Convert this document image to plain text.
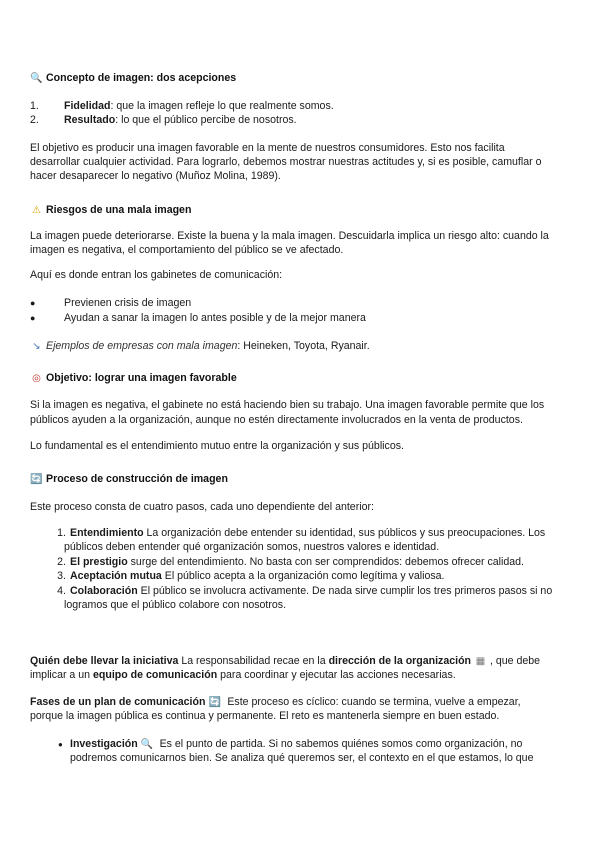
🔍 Concepto de imagen: dos acepciones
1. Fidelidad: que la imagen refleje lo que realmente somos.
2. Resultado: lo que el público percibe de nosotros.
El objetivo es producir una imagen favorable en la mente de nuestros consumidores. Esto nos facilita
desarrollar cualquier actividad. Para lograrlo, debemos mostrar nuestras actitudes y, si es posible, camuflar o
hacer desaparecer lo negativo (Muñoz Molina, 1989).
⚠ Riesgos de una mala imagen
La imagen puede deteriorarse. Existe la buena y la mala imagen. Descuidarla implica un riesgo alto: cuando la
imagen es negativa, el comportamiento del público se ve afectado.
Aquí es donde entran los gabinetes de comunicación:
●	Previenen crisis de imagen
●	Ayudan a sanar la imagen lo antes posible y de la mejor manera
↘ Ejemplos de empresas con mala imagen: Heineken, Toyota, Ryanair.
◎ Objetivo: lograr una imagen favorable
Si la imagen es negativa, el gabinete no está haciendo bien su trabajo. Una imagen favorable permite que los
públicos ayuden a la organización, aunque no estén directamente involucrados en la venta de productos.
Lo fundamental es el entendimiento mutuo entre la organización y sus públicos.
🔄 Proceso de construcción de imagen
Este proceso consta de cuatro pasos, cada uno dependiente del anterior:
1. Entendimiento La organización debe entender su identidad, sus públicos y sus preocupaciones. Los
públicos deben entender qué organización somos, nuestros valores e identidad.
2. El prestigio surge del entendimiento. No basta con ser comprendidos: debemos ofrecer calidad.
3. Aceptación mutua El público acepta a la organización como legítima y valiosa.
4. Colaboración El público se involucra activamente. De nada sirve cumplir los tres primeros pasos si no
logramos que el público colabore con nosotros.
Quién debe llevar la iniciativa La responsabilidad recae en la dirección de la organización ▦ , que debe
implicar a un equipo de comunicación para coordinar y ejecutar las acciones necesarias.
Fases de un plan de comunicación 🔄 Este proceso es cíclico: cuando se termina, vuelve a empezar,
porque la imagen pública es continua y permanente. El reto es mantenerla siempre en buen estado.
● Investigación 🔍 Es el punto de partida. Si no sabemos quiénes somos como organización, no
podremos comunicarnos bien. Se analiza qué queremos ser, el contexto en el que estamos, lo que
